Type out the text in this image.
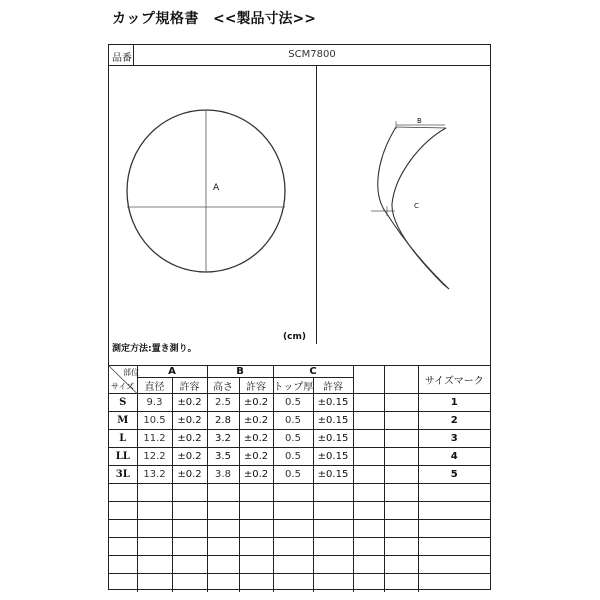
カップ規格書 <<製品寸法>>
品番	SCM7800
A
B
C
(cm)
測定方法:置き測り。
部位
サイズ	A		B		C				サイズマーク
	直径	許容	高さ	許容	トップ厚	許容			
S	9.3	±0.2	2.5	±0.2	0.5	±0.15			1
M	10.5	±0.2	2.8	±0.2	0.5	±0.15			2
L	11.2	±0.2	3.2	±0.2	0.5	±0.15			3
LL	12.2	±0.2	3.5	±0.2	0.5	±0.15			4
3L	13.2	±0.2	3.8	±0.2	0.5	±0.15			5
